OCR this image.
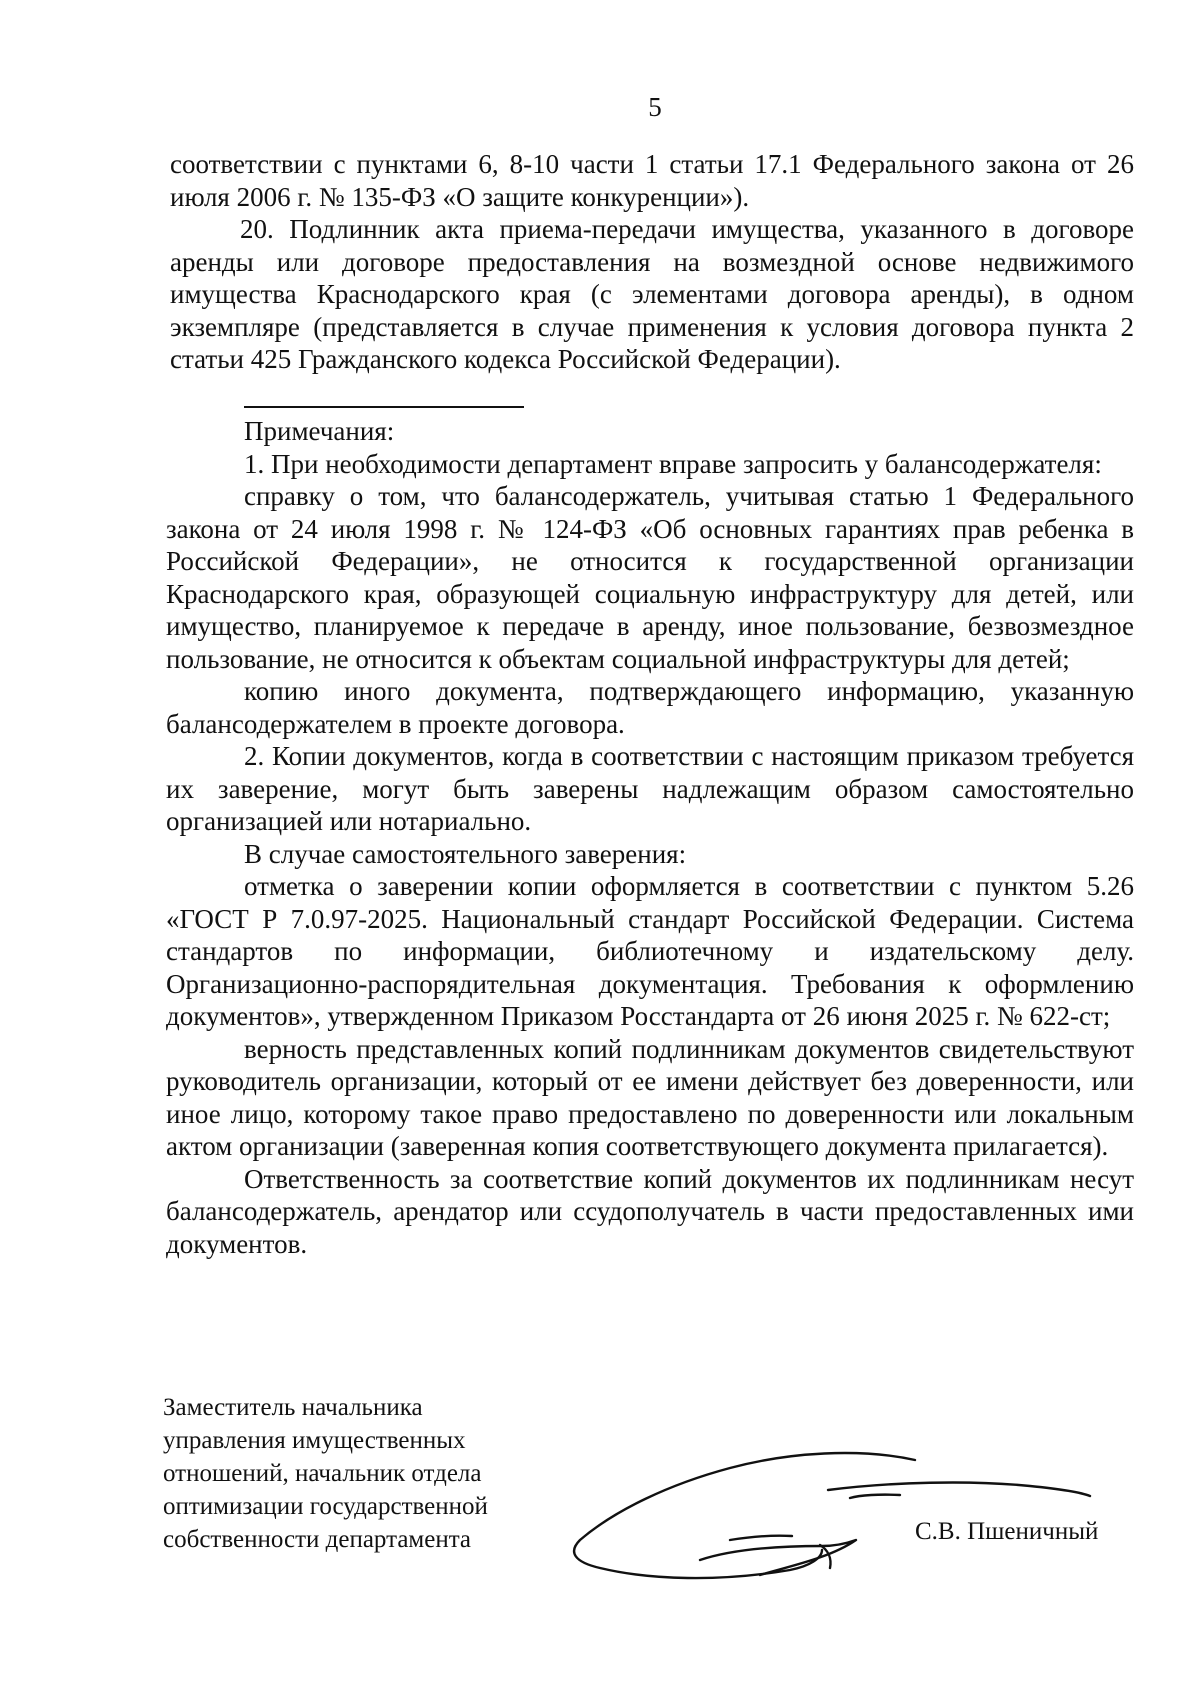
5

соответствии с пунктами 6, 8-10 части 1 статьи 17.1 Федерального закона от 26 июля 2006 г. № 135-ФЗ «О защите конкуренции»).

20. Подлинник акта приема-передачи имущества, указанного в договоре аренды или договоре предоставления на возмездной основе недвижимого имущества Краснодарского края (с элементами договора аренды), в одном экземпляре (представляется в случае применения к условия договора пункта 2 статьи 425 Гражданского кодекса Российской Федерации).

Примечания:

1. При необходимости департамент вправе запросить у балансодержателя:

справку о том, что балансодержатель, учитывая статью 1 Федерального закона от 24 июля 1998 г. № 124-ФЗ «Об основных гарантиях прав ребенка в Российской Федерации», не относится к государственной организации Краснодарского края, образующей социальную инфраструктуру для детей, или имущество, планируемое к передаче в аренду, иное пользование, безвозмездное пользование, не относится к объектам социальной инфраструктуры для детей;

копию иного документа, подтверждающего информацию, указанную балансодержателем в проекте договора.

2. Копии документов, когда в соответствии с настоящим приказом требуется их заверение, могут быть заверены надлежащим образом самостоятельно организацией или нотариально.

В случае самостоятельного заверения:

отметка о заверении копии оформляется в соответствии с пунктом 5.26 «ГОСТ Р 7.0.97-2025. Национальный стандарт Российской Федерации. Система стандартов по информации, библиотечному и издательскому делу. Организационно-распорядительная документация. Требования к оформлению документов», утвержденном Приказом Росстандарта от 26 июня 2025 г. № 622-ст;

верность представленных копий подлинникам документов свидетельствуют руководитель организации, который от ее имени действует без доверенности, или иное лицо, которому такое право предоставлено по доверенности или локальным актом организации (заверенная копия соответствующего документа прилагается).

Ответственность за соответствие копий документов их подлинникам несут балансодержатель, арендатор или ссудополучатель в части предоставленных ими документов.

Заместитель начальника
управления имущественных
отношений, начальник отдела
оптимизации государственной
собственности департамента	С.В. Пшеничный
